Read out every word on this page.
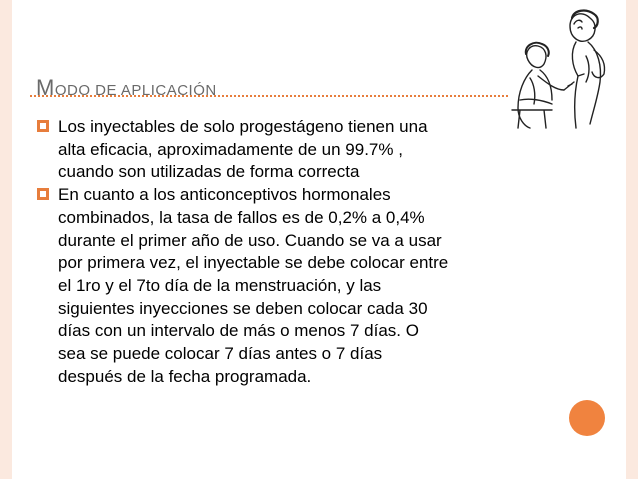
MODO DE APLICACIÓN
Los inyectables de solo progestágeno tienen una
alta eficacia, aproximadamente de un 99.7% ,
cuando son utilizadas de forma correcta
En cuanto a los anticonceptivos hormonales
combinados, la tasa de fallos es de 0,2% a 0,4%
durante el primer año de uso. Cuando se va a usar
por primera vez, el inyectable se debe colocar entre
el 1ro y el 7to día de la menstruación, y las
siguientes inyecciones se deben colocar cada 30
días con un intervalo de más o menos 7 días. O
sea se puede colocar 7 días antes o 7 días
después de la fecha programada.
